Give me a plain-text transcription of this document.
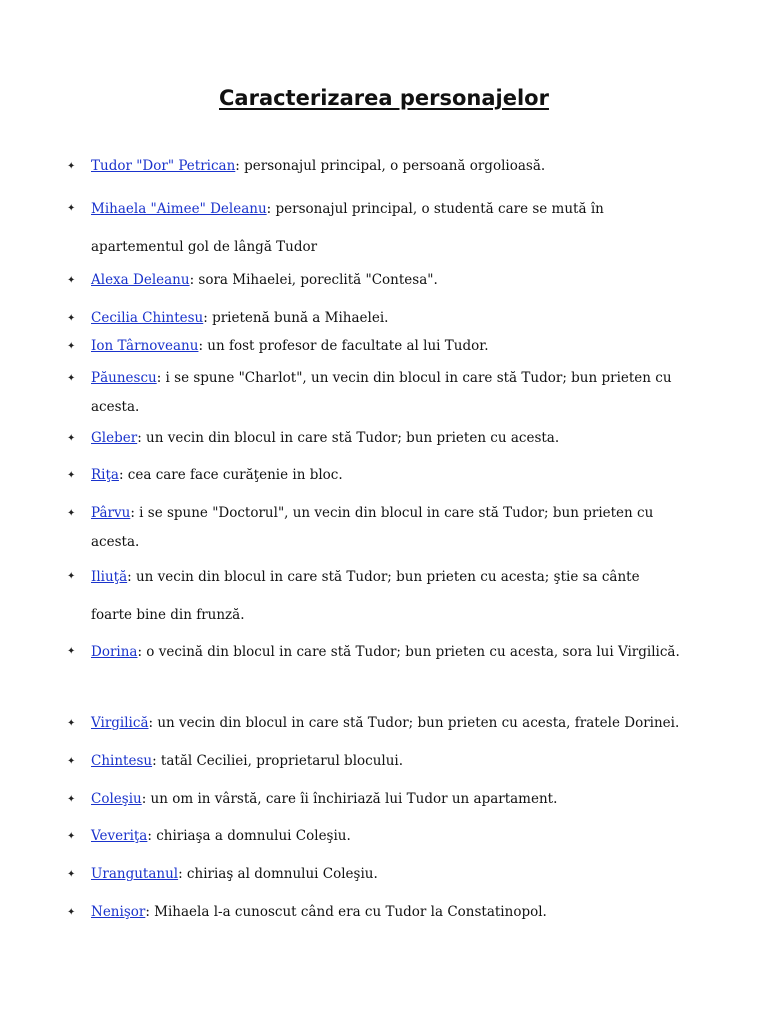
Caracterizarea personajelor
✦ Tudor "Dor" Petrican: personajul principal, o persoană orgolioasă.
✦ Mihaela "Aimee" Deleanu: personajul principal, o studentă care se mută în apartementul gol de lângă Tudor
✦ Alexa Deleanu: sora Mihaelei, poreclită "Contesa".
✦ Cecilia Chintesu: prietenă bună a Mihaelei.
✦ Ion Târnoveanu: un fost profesor de facultate al lui Tudor.
✦ Păunescu: i se spune "Charlot", un vecin din blocul in care stă Tudor; bun prieten cu acesta.
✦ Gleber: un vecin din blocul in care stă Tudor; bun prieten cu acesta.
✦ Riţa: cea care face curăţenie in bloc.
✦ Pârvu: i se spune "Doctorul", un vecin din blocul in care stă Tudor; bun prieten cu acesta.
✦ Iliuţă: un vecin din blocul in care stă Tudor; bun prieten cu acesta; ştie sa cânte foarte bine din frunză.
✦ Dorina: o vecină din blocul in care stă Tudor; bun prieten cu acesta, sora lui Virgilică.
✦ Virgilică: un vecin din blocul in care stă Tudor; bun prieten cu acesta, fratele Dorinei.
✦ Chintesu: tatăl Ceciliei, proprietarul blocului.
✦ Coleşiu: un om in vârstă, care îi închiriază lui Tudor un apartament.
✦ Veveriţa: chiriaşa a domnului Coleşiu.
✦ Urangutanul: chiriaş al domnului Coleşiu.
✦ Nenişor: Mihaela l-a cunoscut când era cu Tudor la Constatinopol.
